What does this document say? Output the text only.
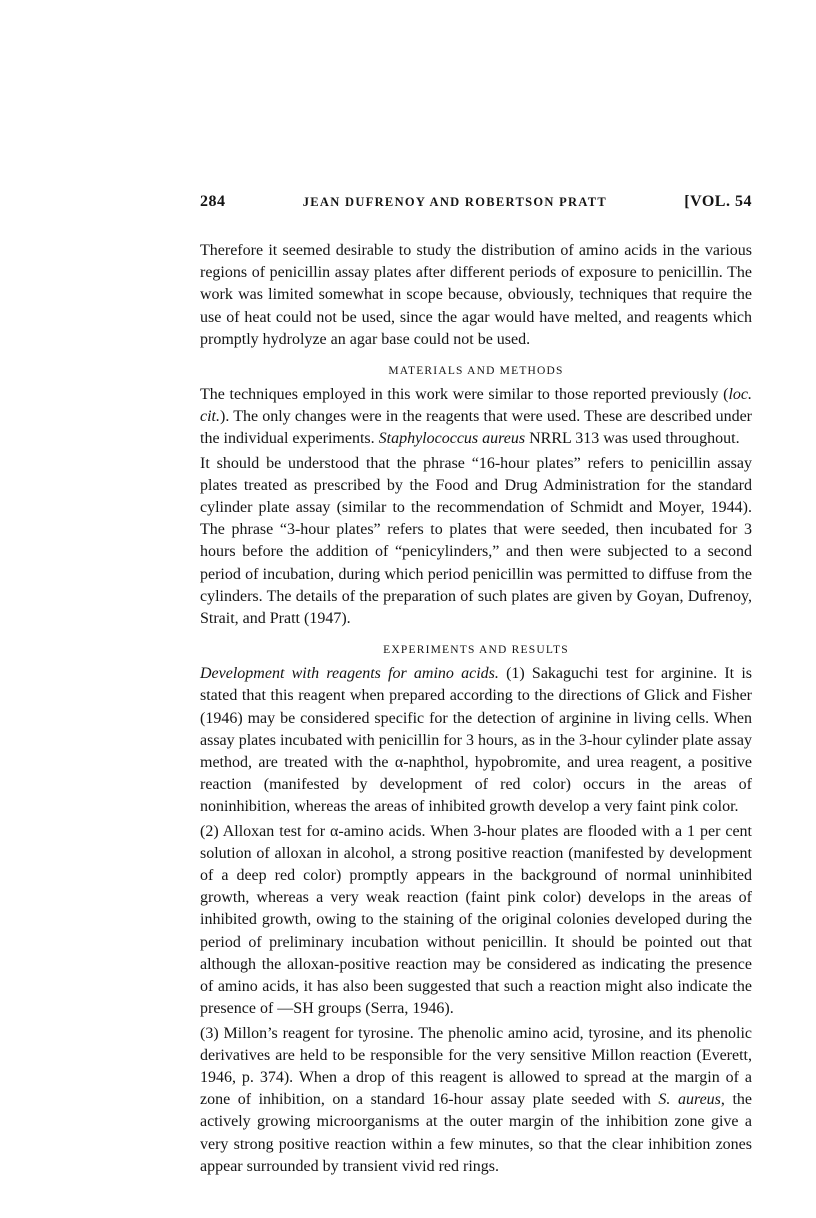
284	JEAN DUFRENOY AND ROBERTSON PRATT	[VOL. 54

Therefore it seemed desirable to study the distribution of amino acids in the various regions of penicillin assay plates after different periods of exposure to penicillin. The work was limited somewhat in scope because, obviously, techniques that require the use of heat could not be used, since the agar would have melted, and reagents which promptly hydrolyze an agar base could not be used.

MATERIALS AND METHODS

The techniques employed in this work were similar to those reported previously (loc. cit.). The only changes were in the reagents that were used. These are described under the individual experiments. Staphylococcus aureus NRRL 313 was used throughout.

It should be understood that the phrase “16-hour plates” refers to penicillin assay plates treated as prescribed by the Food and Drug Administration for the standard cylinder plate assay (similar to the recommendation of Schmidt and Moyer, 1944). The phrase “3-hour plates” refers to plates that were seeded, then incubated for 3 hours before the addition of “penicylinders,” and then were subjected to a second period of incubation, during which period penicillin was permitted to diffuse from the cylinders. The details of the preparation of such plates are given by Goyan, Dufrenoy, Strait, and Pratt (1947).

EXPERIMENTS AND RESULTS

Development with reagents for amino acids. (1) Sakaguchi test for arginine. It is stated that this reagent when prepared according to the directions of Glick and Fisher (1946) may be considered specific for the detection of arginine in living cells. When assay plates incubated with penicillin for 3 hours, as in the 3-hour cylinder plate assay method, are treated with the α-naphthol, hypobromite, and urea reagent, a positive reaction (manifested by development of red color) occurs in the areas of noninhibition, whereas the areas of inhibited growth develop a very faint pink color.

(2) Alloxan test for α-amino acids. When 3-hour plates are flooded with a 1 per cent solution of alloxan in alcohol, a strong positive reaction (manifested by development of a deep red color) promptly appears in the background of normal uninhibited growth, whereas a very weak reaction (faint pink color) develops in the areas of inhibited growth, owing to the staining of the original colonies developed during the period of preliminary incubation without penicillin. It should be pointed out that although the alloxan-positive reaction may be considered as indicating the presence of amino acids, it has also been suggested that such a reaction might also indicate the presence of —SH groups (Serra, 1946).

(3) Millon’s reagent for tyrosine. The phenolic amino acid, tyrosine, and its phenolic derivatives are held to be responsible for the very sensitive Millon reaction (Everett, 1946, p. 374). When a drop of this reagent is allowed to spread at the margin of a zone of inhibition, on a standard 16-hour assay plate seeded with S. aureus, the actively growing microorganisms at the outer margin of the inhibition zone give a very strong positive reaction within a few minutes, so that the clear inhibition zones appear surrounded by transient vivid red rings.
